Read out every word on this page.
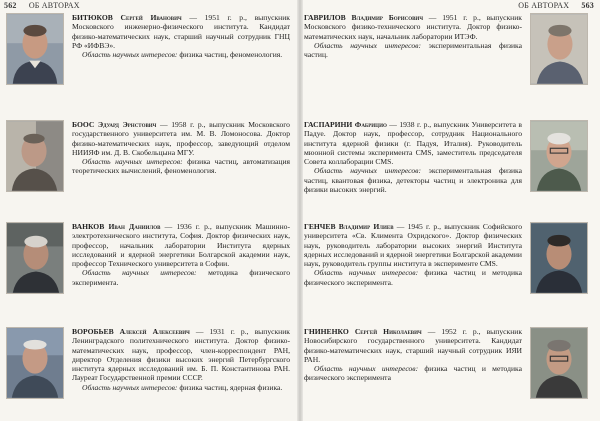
562 ОБ АВТОРАХ

БИТЮКОВ Сергей Иванович — 1951 г. р., выпускник Московского инженерно-физического института. Кандидат физико-математических наук, старший научный сотрудник ГНЦ РФ «ИФВЭ».

Область научных интересов: физика частиц, феноменология.

БООС Эдуард Эрнстович — 1958 г. р., выпускник Московского государственного университета им. М. В. Ломоносова. Доктор физико-математических наук, профессор, заведующий отделом НИИЯФ им. Д. В. Скобельцына МГУ.

Область научных интересов: физика частиц, автоматизация теоретических вычислений, феноменология.

ВАНКОВ Иван Даниилов — 1936 г. р., выпускник Машинно-электротехнического института, София. Доктор физических наук, профессор, начальник лаборатории Института ядерных исследований и ядерной энергетики Болгарской академии наук, профессор Технического университета в Софии.

Область научных интересов: методика физического эксперимента.

ВОРОБЬЕВ Алексей Алексеевич — 1931 г. р., выпускник Ленинградского политехнического института. Доктор физико-математических наук, профессор, член-корреспондент РАН, директор Отделения физики высоких энергий Петербургского института ядерных исследований им. Б. П. Константинова РАН. Лауреат Государственной премии СССР.

Область научных интересов: физика частиц, ядерная физика.

ОБ АВТОРАХ 563

ГАВРИЛОВ Владимир Борисович — 1951 г. р., выпускник Московского физико-технического института. Доктор физико-математических наук, начальник лаборатории ИТЭФ.

Область научных интересов: экспериментальная физика частиц.

ГАСПАРИНИ Фабрицио — 1938 г. р., выпускник Университета в Падуе. Доктор наук, профессор, сотрудник Национального института ядерной физики (г. Падуя, Италия). Руководитель мюонной системы эксперимента CMS, заместитель председателя Совета коллаборации CMS.

Область научных интересов: экспериментальная физика частиц, квантовая физика, детекторы частиц и электроника для физики высоких энергий.

ГЕНЧЕВ Владимир Илиев — 1945 г. р., выпускник Софийского университета «Св. Климента Охридского». Доктор физических наук, руководитель лаборатории высоких энергий Института ядерных исследований и ядерной энергетики Болгарской академии наук, руководитель группы института в эксперименте CMS.

Область научных интересов: физика частиц и методика физического эксперимента.

ГНИНЕНКО Сергей Николаевич — 1952 г. р., выпускник Новосибирского государственного университета. Кандидат физико-математических наук, старший научный сотрудник ИЯИ РАН.

Область научных интересов: физика частиц и методика физического эксперимента
